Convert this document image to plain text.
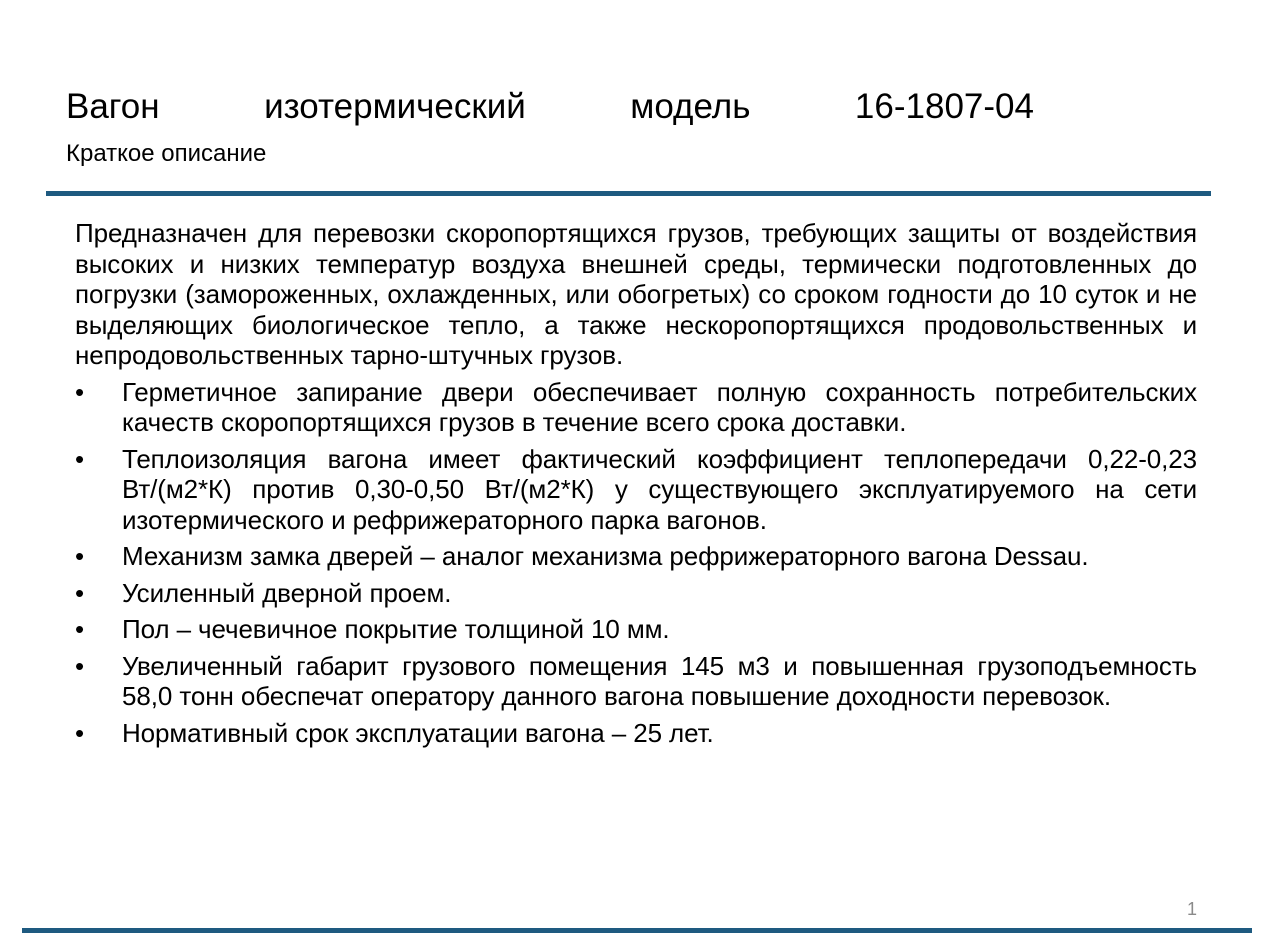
Вагон	изотермический	модель	16-1807-04
Краткое описание

Предназначен для перевозки скоропортящихся грузов, требующих защиты от воздействия высоких и низких температур воздуха внешней среды, термически подготовленных до погрузки (замороженных, охлажденных, или обогретых) со сроком годности до 10 суток и не выделяющих биологическое тепло, а также нескоропортящихся продовольственных и непродовольственных тарно-штучных грузов.

•	Герметичное запирание двери обеспечивает полную сохранность потребительских качеств скоропортящихся грузов в течение всего срока доставки.
•	Теплоизоляция вагона имеет фактический коэффициент теплопередачи 0,22-0,23 Вт/(м2*К) против 0,30-0,50 Вт/(м2*К) у существующего эксплуатируемого на сети изотермического и рефрижераторного парка вагонов.
•	Механизм замка дверей – аналог механизма рефрижераторного вагона Dessau.
•	Усиленный дверной проем.
•	Пол – чечевичное покрытие толщиной 10 мм.
•	Увеличенный габарит грузового помещения 145 м3 и повышенная грузоподъемность 58,0 тонн обеспечат оператору данного вагона повышение доходности перевозок.
•	Нормативный срок эксплуатации вагона – 25 лет.
1
